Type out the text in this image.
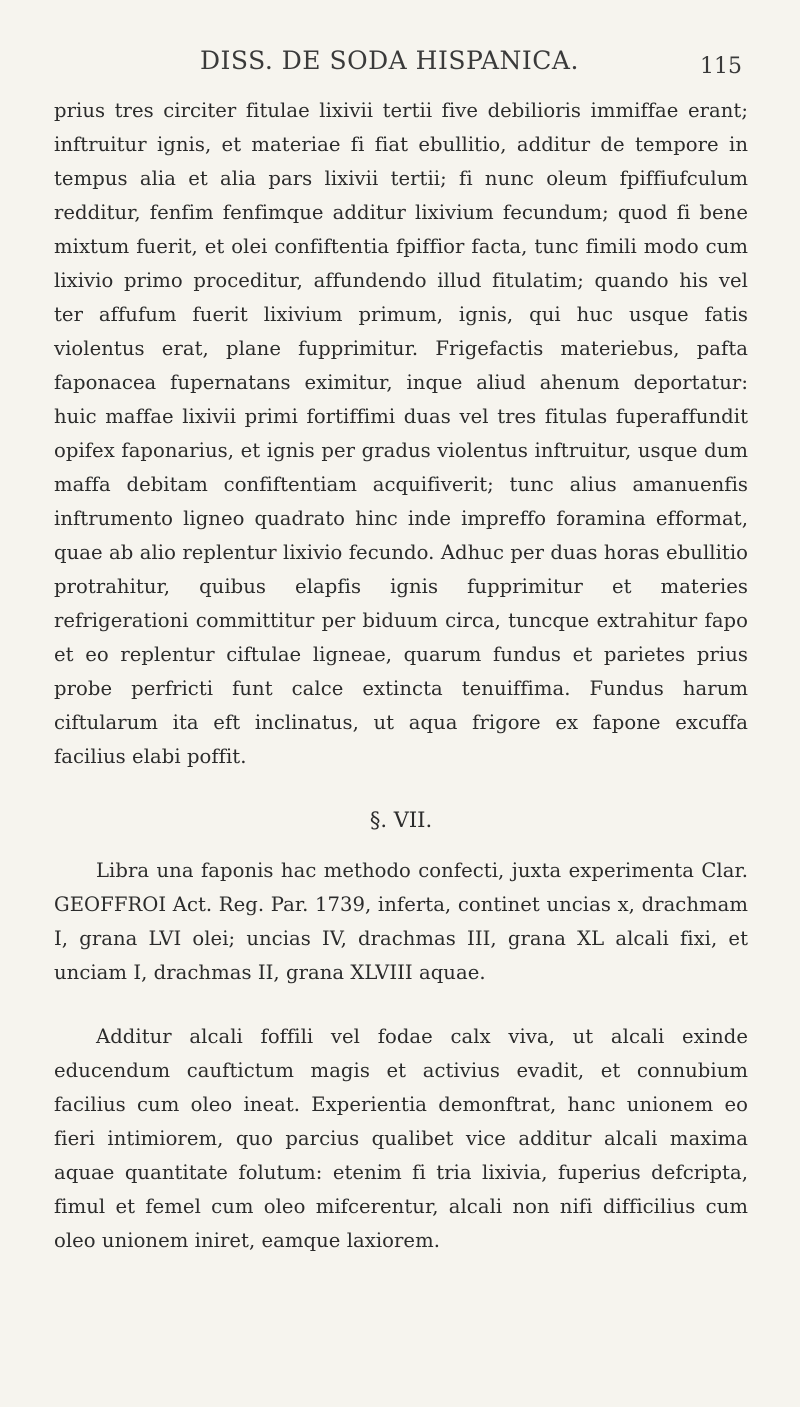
DISS. DE SODA HISPANICA.	115

prius tres circiter fitulae lixivii tertii five debilioris immiffae erant; inftruitur ignis, et materiae fi fiat ebullitio, additur de tempore in tempus alia et alia pars lixivii tertii; fi nunc oleum fpiffiufculum redditur, fenfim fenfimque additur lixivium fecundum; quod fi bene mixtum fuerit, et olei confiftentia fpiffior facta, tunc fimili modo cum lixivio primo proceditur, affundendo illud fitulatim; quando his vel ter affufum fuerit lixivium primum, ignis, qui huc usque fatis violentus erat, plane fupprimitur. Frigefactis materiebus, pafta faponacea fupernatans eximitur, inque aliud ahenum deportatur: huic maffae lixivii primi fortiffimi duas vel tres fitulas fuperaffundit opifex faponarius, et ignis per gradus violentus inftruitur, usque dum maffa debitam confiftentiam acquifiverit; tunc alius amanuenfis inftrumento ligneo quadrato hinc inde impreffo foramina efformat, quae ab alio replentur lixivio fecundo. Adhuc per duas horas ebullitio protrahitur, quibus elapfis ignis fupprimitur et materies refrigerationi committitur per biduum circa, tuncque extrahitur fapo et eo replentur ciftulae ligneae, quarum fundus et parietes prius probe perfricti funt calce extincta tenuiffima. Fundus harum ciftularum ita eft inclinatus, ut aqua frigore ex fapone excuffa facilius elabi poffit.

§. VII.

Libra una faponis hac methodo confecti, juxta experimenta Clar. GEOFFROI Act. Reg. Par. 1739, inferta, continet uncias x, drachmam I, grana LVI olei; uncias IV, drachmas III, grana XL alcali fixi, et unciam I, drachmas II, grana XLVIII aquae.

Additur alcali foffili vel fodae calx viva, ut alcali exinde educendum cauftictum magis et activius evadit, et connubium facilius cum oleo ineat. Experientia demonftrat, hanc unionem eo fieri intimiorem, quo parcius qualibet vice additur alcali maxima aquae quantitate folutum: etenim fi tria lixivia, fuperius defcripta, fimul et femel cum oleo mifcerentur, alcali non nifi difficilius cum oleo unionem iniret, eamque laxiorem.
